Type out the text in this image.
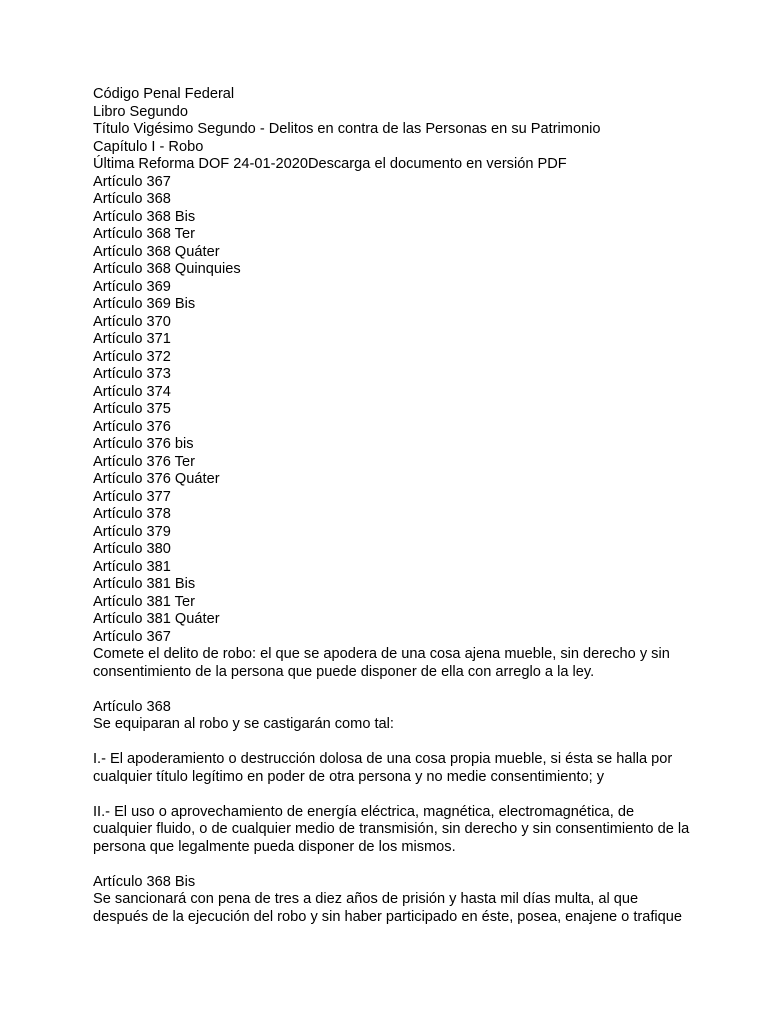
Código Penal Federal
Libro Segundo
Título Vigésimo Segundo - Delitos en contra de las Personas en su Patrimonio
Capítulo I - Robo
Última Reforma DOF 24-01-2020Descarga el documento en versión PDF
Artículo 367
Artículo 368
Artículo 368 Bis
Artículo 368 Ter
Artículo 368 Quáter
Artículo 368 Quinquies
Artículo 369
Artículo 369 Bis
Artículo 370
Artículo 371
Artículo 372
Artículo 373
Artículo 374
Artículo 375
Artículo 376
Artículo 376 bis
Artículo 376 Ter
Artículo 376 Quáter
Artículo 377
Artículo 378
Artículo 379
Artículo 380
Artículo 381
Artículo 381 Bis
Artículo 381 Ter
Artículo 381 Quáter
Artículo 367
Comete el delito de robo: el que se apodera de una cosa ajena mueble, sin derecho y sin
consentimiento de la persona que puede disponer de ella con arreglo a la ley.
Artículo 368
Se equiparan al robo y se castigarán como tal:
I.- El apoderamiento o destrucción dolosa de una cosa propia mueble, si ésta se halla por
cualquier título legítimo en poder de otra persona y no medie consentimiento; y
II.- El uso o aprovechamiento de energía eléctrica, magnética, electromagnética, de
cualquier fluido, o de cualquier medio de transmisión, sin derecho y sin consentimiento de la
persona que legalmente pueda disponer de los mismos.
Artículo 368 Bis
Se sancionará con pena de tres a diez años de prisión y hasta mil días multa, al que
después de la ejecución del robo y sin haber participado en éste, posea, enajene o trafique
